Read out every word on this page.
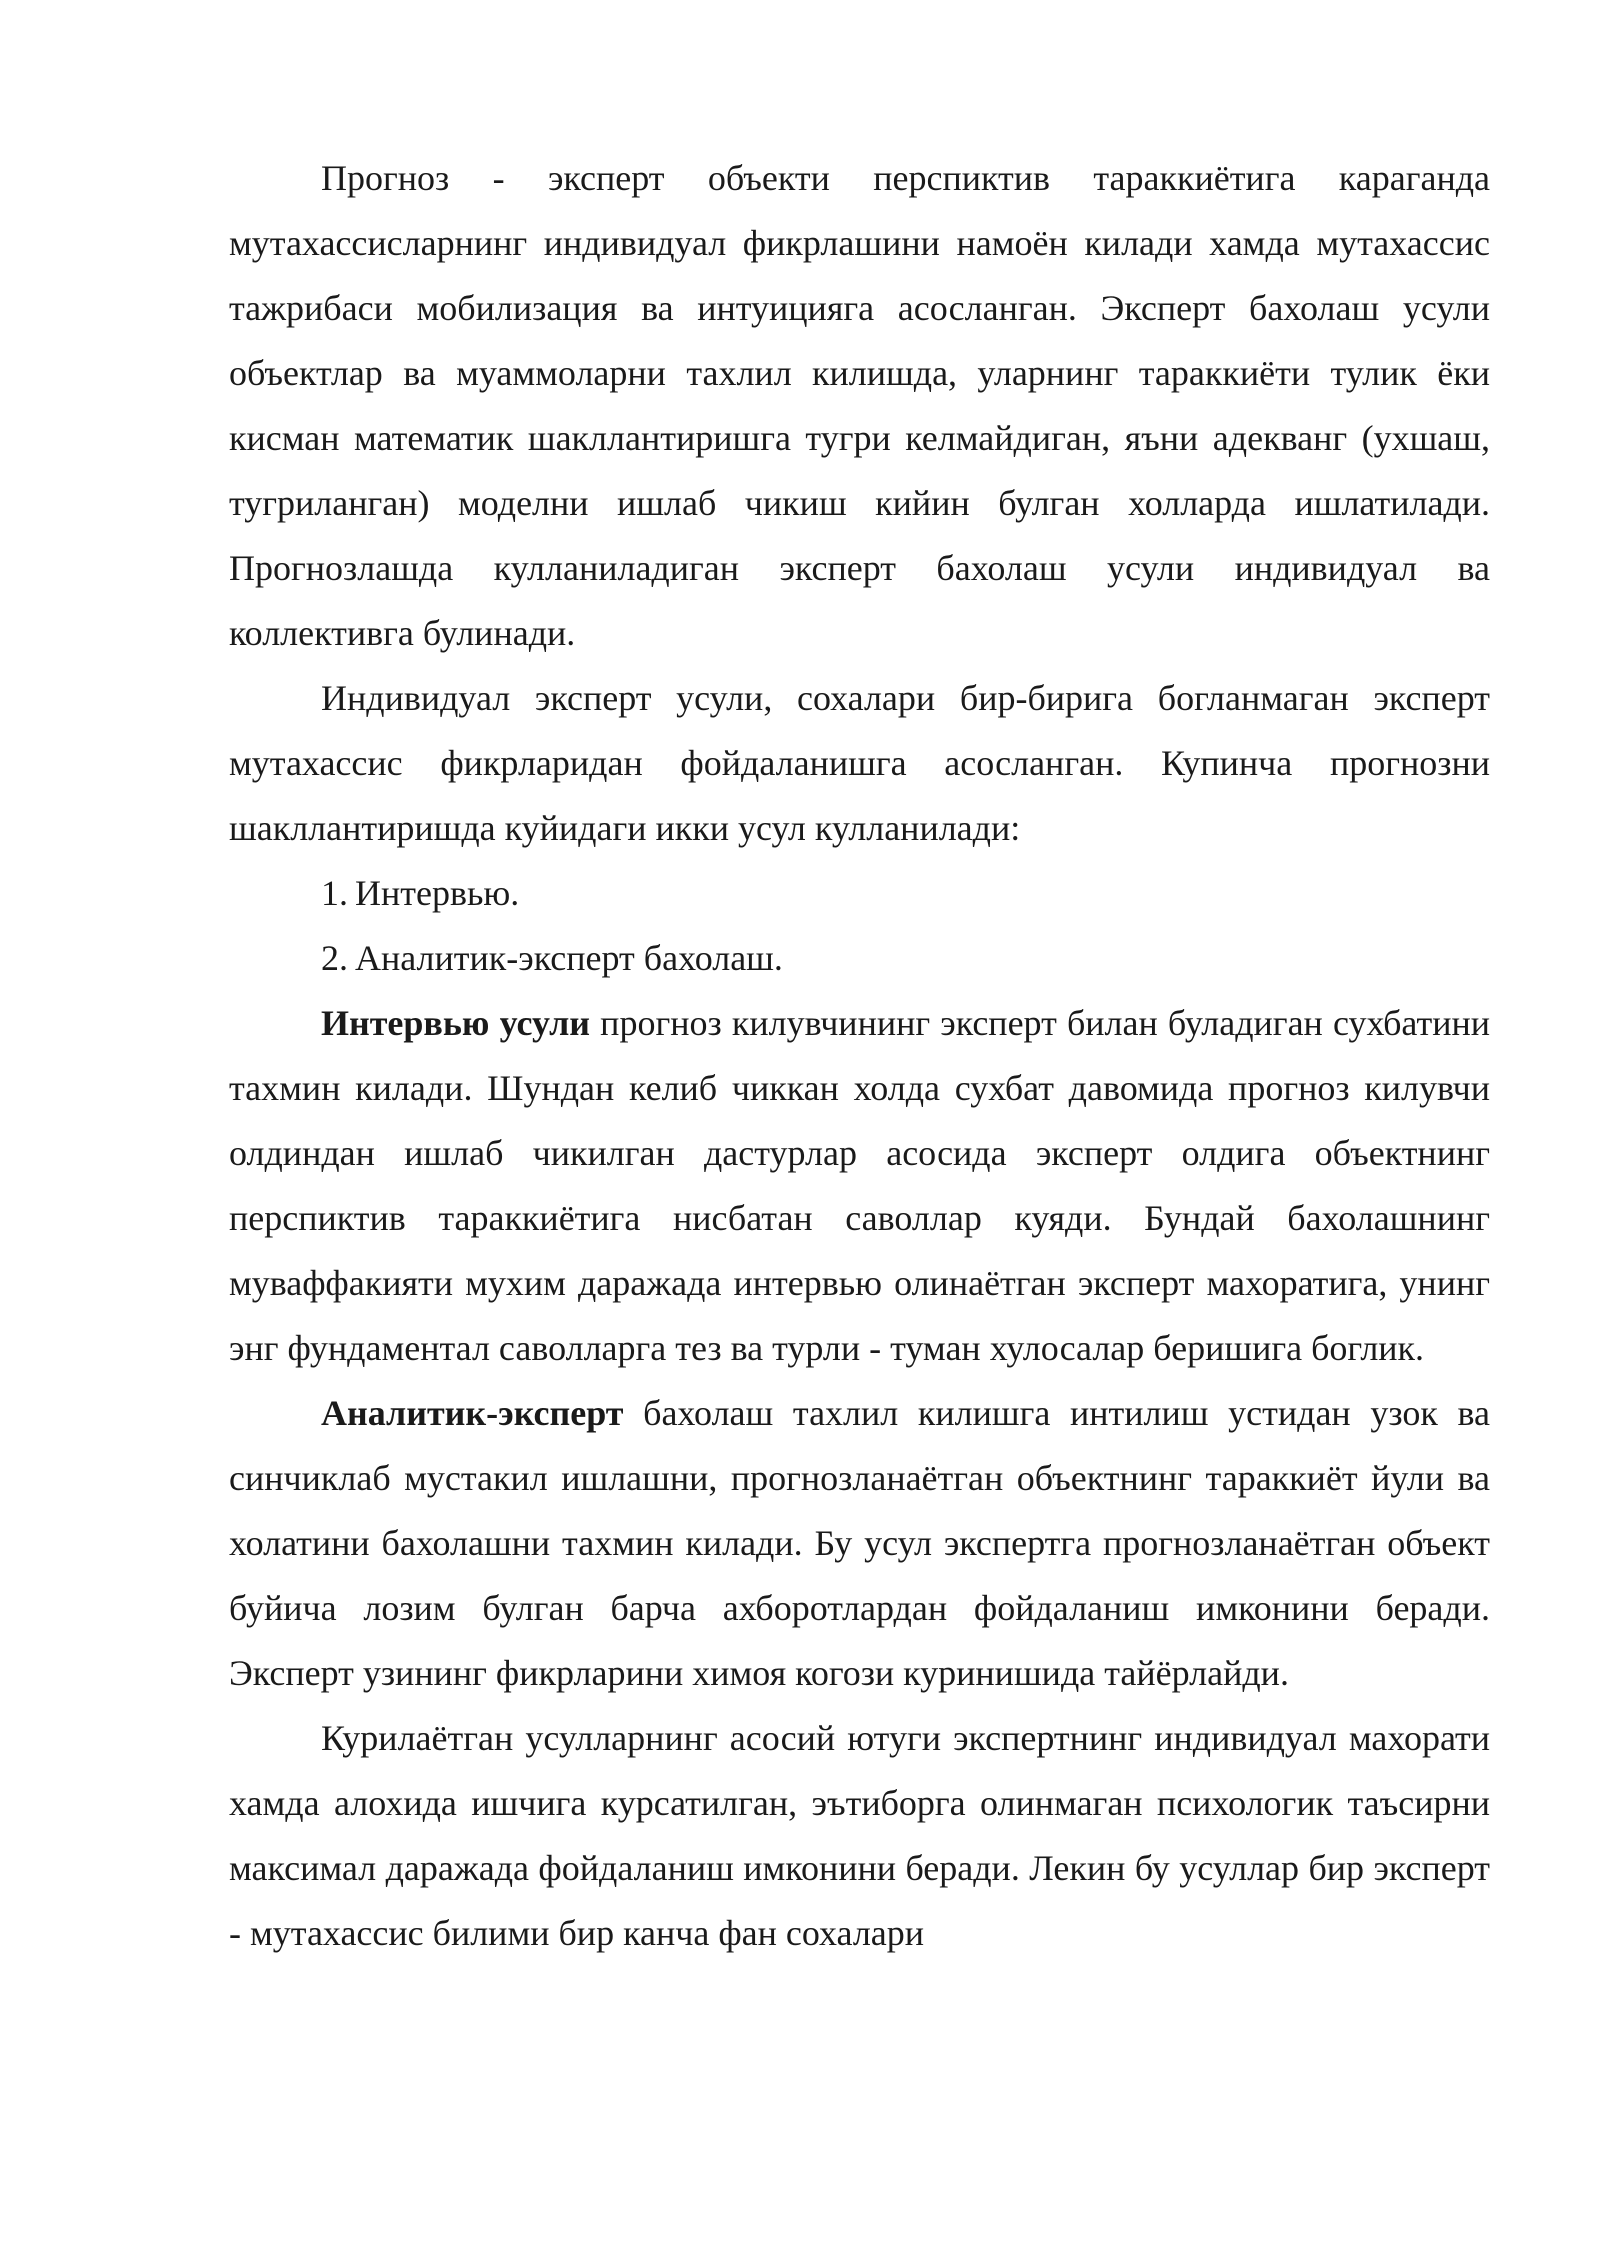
Прогноз - эксперт объекти перспиктив тараккиётига караганда мутахассисларнинг индивидуал фикрлашини намоён килади хамда мутахассис тажрибаси мобилизация ва интуицияга асосланган. Эксперт бахолаш усули объектлар ва муаммоларни тахлил килишда, уларнинг тараккиёти тулик ёки кисман математик шакллантиришга тугри келмайдиган, яъни адекванг (ухшаш, тугриланган) моделни ишлаб чикиш кийин булган холларда ишлатилади. Прогнозлашда кулланиладиган эксперт бахолаш усули индивидуал ва коллективга булинади.

Индивидуал эксперт усули, сохалари бир-бирига богланмаган эксперт мутахассис фикрларидан фойдаланишга асосланган. Купинча прогнозни шакллантиришда куйидаги икки усул кулланилади:

1. Интервью.
2. Аналитик-эксперт бахолаш.

Интервью усули прогноз килувчининг эксперт билан буладиган сухбатини тахмин килади. Шундан келиб чиккан холда сухбат давомида прогноз килувчи олдиндан ишлаб чикилган дастурлар асосида эксперт олдига объектнинг перспиктив тараккиётига нисбатан саволлар куяди. Бундай бахолашнинг муваффакияти мухим даражада интервью олинаётган эксперт махоратига, унинг энг фундаментал саволларга тез ва турли - туман хулосалар беришига боглик.

Аналитик-эксперт бахолаш тахлил килишга интилиш устидан узок ва синчиклаб мустакил ишлашни, прогнозланаётган объектнинг тараккиёт йули ва холатини бахолашни тахмин килади. Бу усул экспертга прогнозланаётган объект буйича лозим булган барча ахборотлардан фойдаланиш имконини беради. Эксперт узининг фикрларини химоя когози куринишида тайёрлайди.

Курилаётган усулларнинг асосий ютуги экспертнинг индивидуал махорати хамда алохида ишчига курсатилган, эътиборга олинмаган психологик таъсирни максимал даражада фойдаланиш имконини беради. Лекин бу усуллар бир эксперт - мутахассис билими бир канча фан сохалари
